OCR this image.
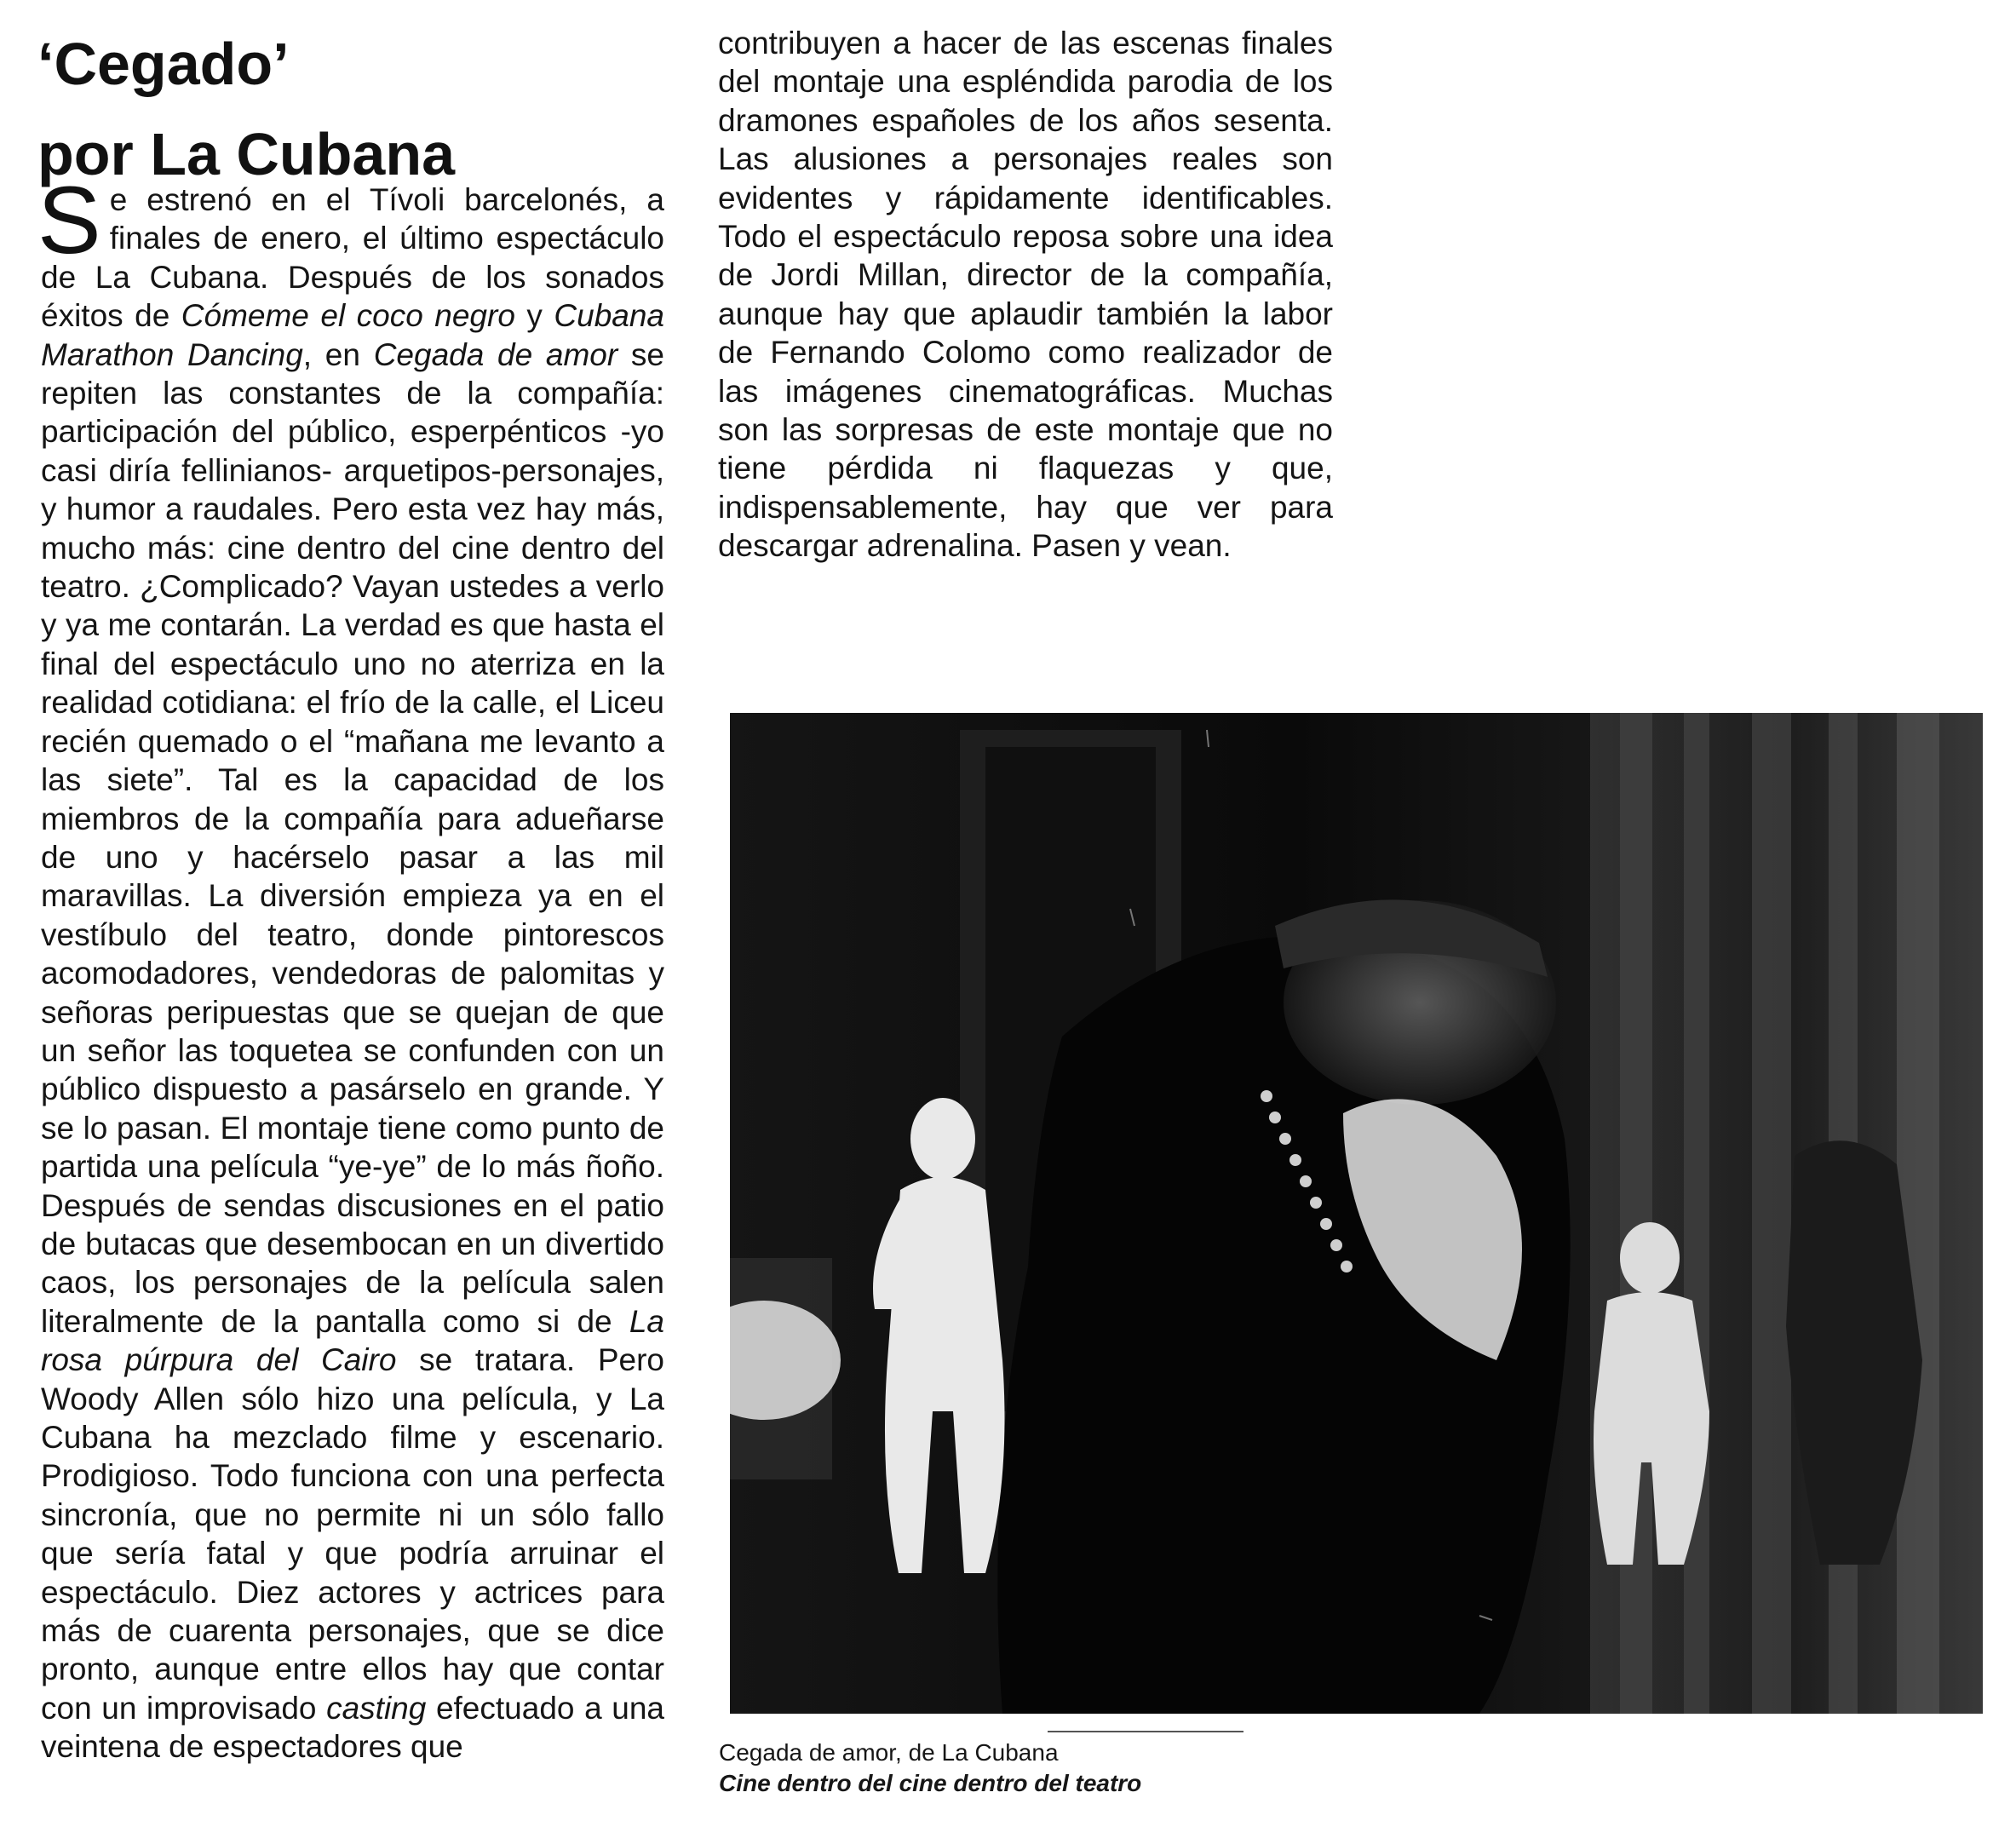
‘Cegado’
por La Cubana

Se estrenó en el Tívoli barcelonés, a finales de enero, el último espectáculo de La Cubana. Después de los sonados éxitos de Cómeme el coco negro y Cubana Marathon Dancing, en Cegada de amor se repiten las constantes de la compañía: participación del público, esperpénticos -yo casi diría fellinianos- arquetipos-personajes, y humor a raudales. Pero esta vez hay más, mucho más: cine dentro del cine dentro del teatro. ¿Complicado? Vayan ustedes a verlo y ya me contarán. La verdad es que hasta el final del espectáculo uno no aterriza en la realidad cotidiana: el frío de la calle, el Liceu recién quemado o el “mañana me levanto a las siete”. Tal es la capacidad de los miembros de la compañía para adueñarse de uno y hacérselo pasar a las mil maravillas. La diversión empieza ya en el vestíbulo del teatro, donde pintorescos acomodadores, vendedoras de palomitas y señoras peripuestas que se quejan de que un señor las toquetea se confunden con un público dispuesto a pasárselo en grande. Y se lo pasan. El montaje tiene como punto de partida una película “ye-ye” de lo más ñoño. Después de sendas discusiones en el patio de butacas que desembocan en un divertido caos, los personajes de la película salen literalmente de la pantalla como si de La rosa púrpura del Cairo se tratara. Pero Woody Allen sólo hizo una película, y La Cubana ha mezclado filme y escenario. Prodigioso. Todo funciona con una perfecta sincronía, que no permite ni un sólo fallo que sería fatal y que podría arruinar el espectáculo. Diez actores y actrices para más de cuarenta personajes, que se dice pronto, aunque entre ellos hay que contar con un improvisado casting efectuado a una veintena de espectadores que

contribuyen a hacer de las escenas finales del montaje una espléndida parodia de los dramones españoles de los años sesenta. Las alusiones a personajes reales son evidentes y rápidamente identificables. Todo el espectáculo reposa sobre una idea de Jordi Millan, director de la compañía, aunque hay que aplaudir también la labor de Fernando Colomo como realizador de las imágenes cinematográficas. Muchas son las sorpresas de este montaje que no tiene pérdida ni flaquezas y que, indispensablemente, hay que ver para descargar adrenalina. Pasen y vean.

Cegada de amor, de La Cubana
Cine dentro del cine dentro del teatro
